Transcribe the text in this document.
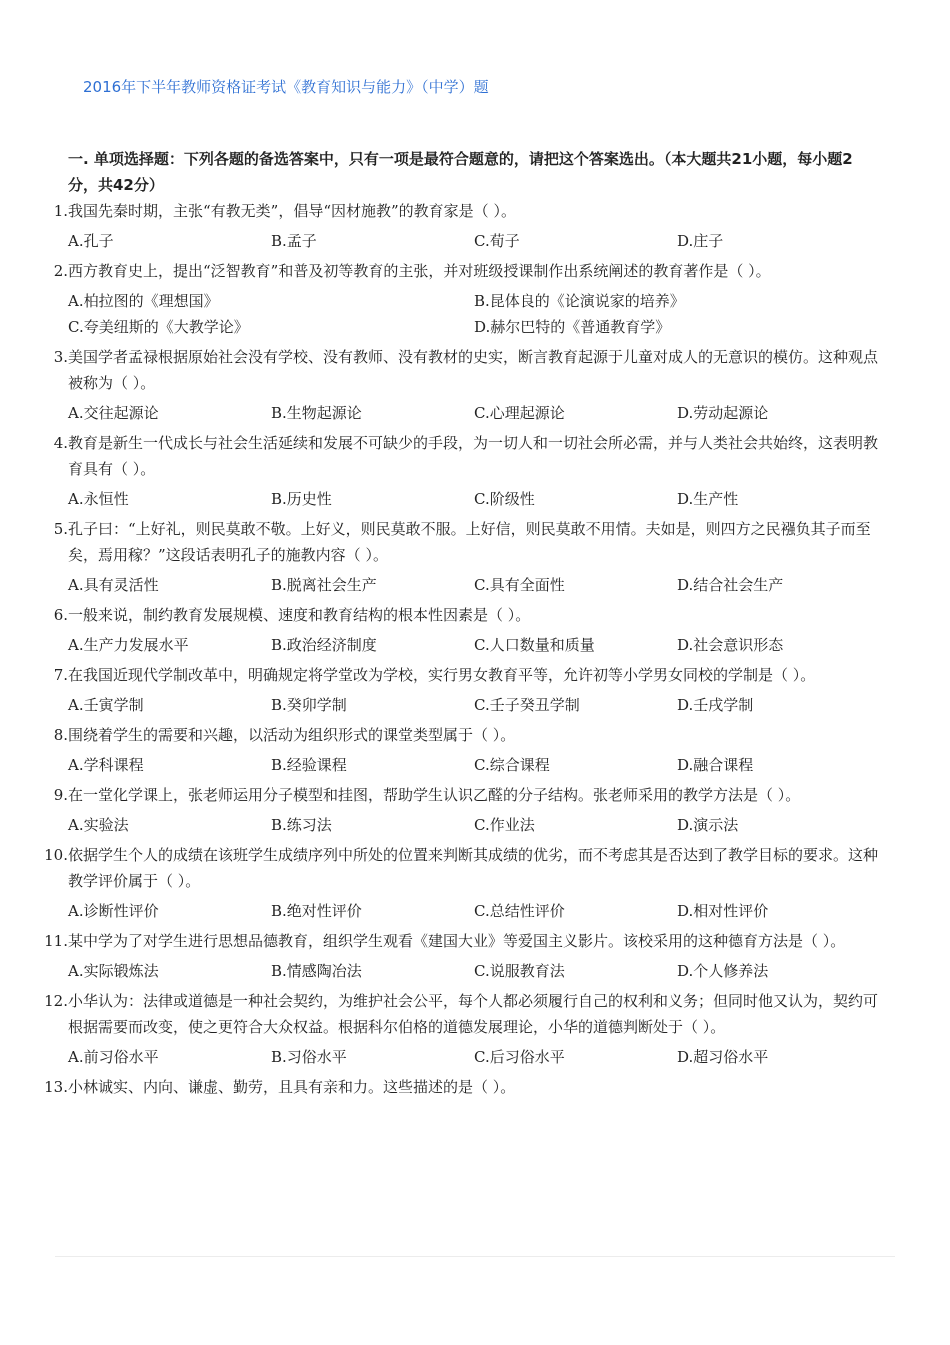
2016年下半年教师资格证考试《教育知识与能力》（中学）题
一. 单项选择题：下列各题的备选答案中，只有一项是最符合题意的，请把这个答案选出。（本大题共21小题，每小题2分，共42分）
1. 我国先秦时期，主张“有教无类”，倡导“因材施教”的教育家是（ ）。
A.孔子	B.孟子	C.荀子	D.庄子
2. 西方教育史上，提出“泛智教育”和普及初等教育的主张，并对班级授课制作出系统阐述的教育著作是（ ）。
A.柏拉图的《理想国》	B.昆体良的《论演说家的培养》
C.夸美纽斯的《大教学论》	D.赫尔巴特的《普通教育学》
3. 美国学者孟禄根据原始社会没有学校、没有教师、没有教材的史实，断言教育起源于儿童对成人的无意识的模仿。这种观点被称为（ ）。
A.交往起源论	B.生物起源论	C.心理起源论	D.劳动起源论
4. 教育是新生一代成长与社会生活延续和发展不可缺少的手段，为一切人和一切社会所必需，并与人类社会共始终，这表明教育具有（ ）。
A.永恒性	B.历史性	C.阶级性	D.生产性
5. 孔子曰：“上好礼，则民莫敢不敬。上好义，则民莫敢不服。上好信，则民莫敢不用情。夫如是，则四方之民襁负其子而至矣，焉用稼？”这段话表明孔子的施教内容（ ）。
A.具有灵活性	B.脱离社会生产	C.具有全面性	D.结合社会生产
6. 一般来说，制约教育发展规模、速度和教育结构的根本性因素是（ ）。
A.生产力发展水平	B.政治经济制度	C.人口数量和质量	D.社会意识形态
7. 在我国近现代学制改革中，明确规定将学堂改为学校，实行男女教育平等，允许初等小学男女同校的学制是（ ）。
A.壬寅学制	B.癸卯学制	C.壬子癸丑学制	D.壬戌学制
8. 围绕着学生的需要和兴趣，以活动为组织形式的课堂类型属于（ ）。
A.学科课程	B.经验课程	C.综合课程	D.融合课程
9. 在一堂化学课上，张老师运用分子模型和挂图，帮助学生认识乙醛的分子结构。张老师采用的教学方法是（ ）。
A.实验法	B.练习法	C.作业法	D.演示法
10. 依据学生个人的成绩在该班学生成绩序列中所处的位置来判断其成绩的优劣，而不考虑其是否达到了教学目标的要求。这种教学评价属于（ ）。
A.诊断性评价	B.绝对性评价	C.总结性评价	D.相对性评价
11. 某中学为了对学生进行思想品德教育，组织学生观看《建国大业》等爱国主义影片。该校采用的这种德育方法是（ ）。
A.实际锻炼法	B.情感陶冶法	C.说服教育法	D.个人修养法
12. 小华认为：法律或道德是一种社会契约，为维护社会公平，每个人都必须履行自己的权利和义务；但同时他又认为，契约可根据需要而改变，使之更符合大众权益。根据科尔伯格的道德发展理论，小华的道德判断处于（ ）。
A.前习俗水平	B.习俗水平	C.后习俗水平	D.超习俗水平
13. 小林诚实、内向、谦虚、勤劳，且具有亲和力。这些描述的是（ ）。
